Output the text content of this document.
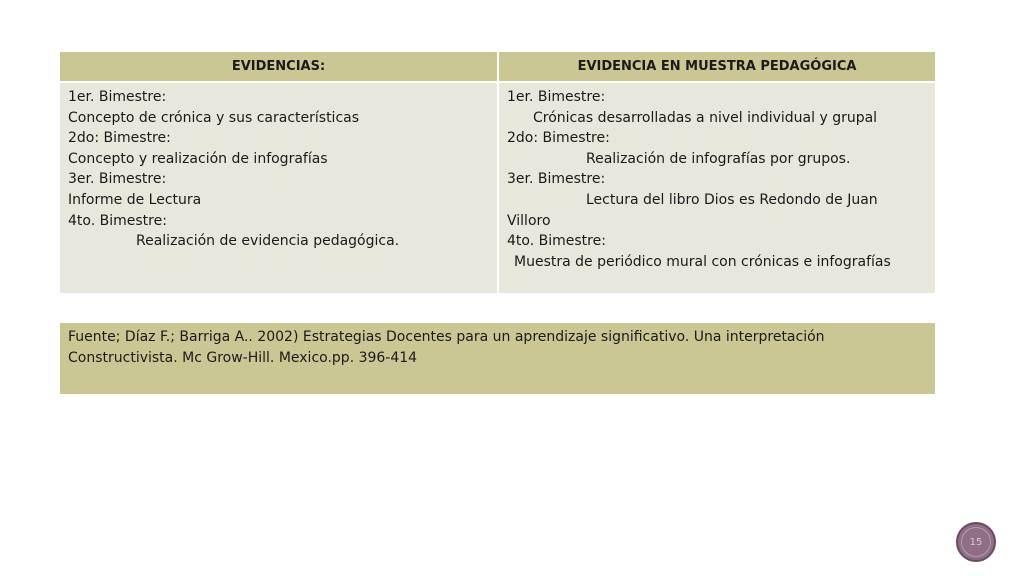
EVIDENCIAS:	EVIDENCIA EN MUESTRA PEDAGÓGICA
1er. Bimestre:
Concepto de crónica y sus características
2do: Bimestre:
Concepto y realización de infografías
3er. Bimestre:
Informe de Lectura
4to. Bimestre:
Realización de evidencia pedagógica.
1er. Bimestre:
Crónicas desarrolladas a nivel individual y grupal
2do: Bimestre:
Realización de infografías por grupos.
3er. Bimestre:
Lectura del libro Dios es Redondo de Juan
Villoro
4to. Bimestre:
Muestra de periódico mural con crónicas e infografías
Fuente; Díaz F.; Barriga A.. 2002) Estrategias Docentes para un aprendizaje significativo. Una interpretación
Constructivista. Mc Grow-Hill. Mexico.pp. 396-414
15
